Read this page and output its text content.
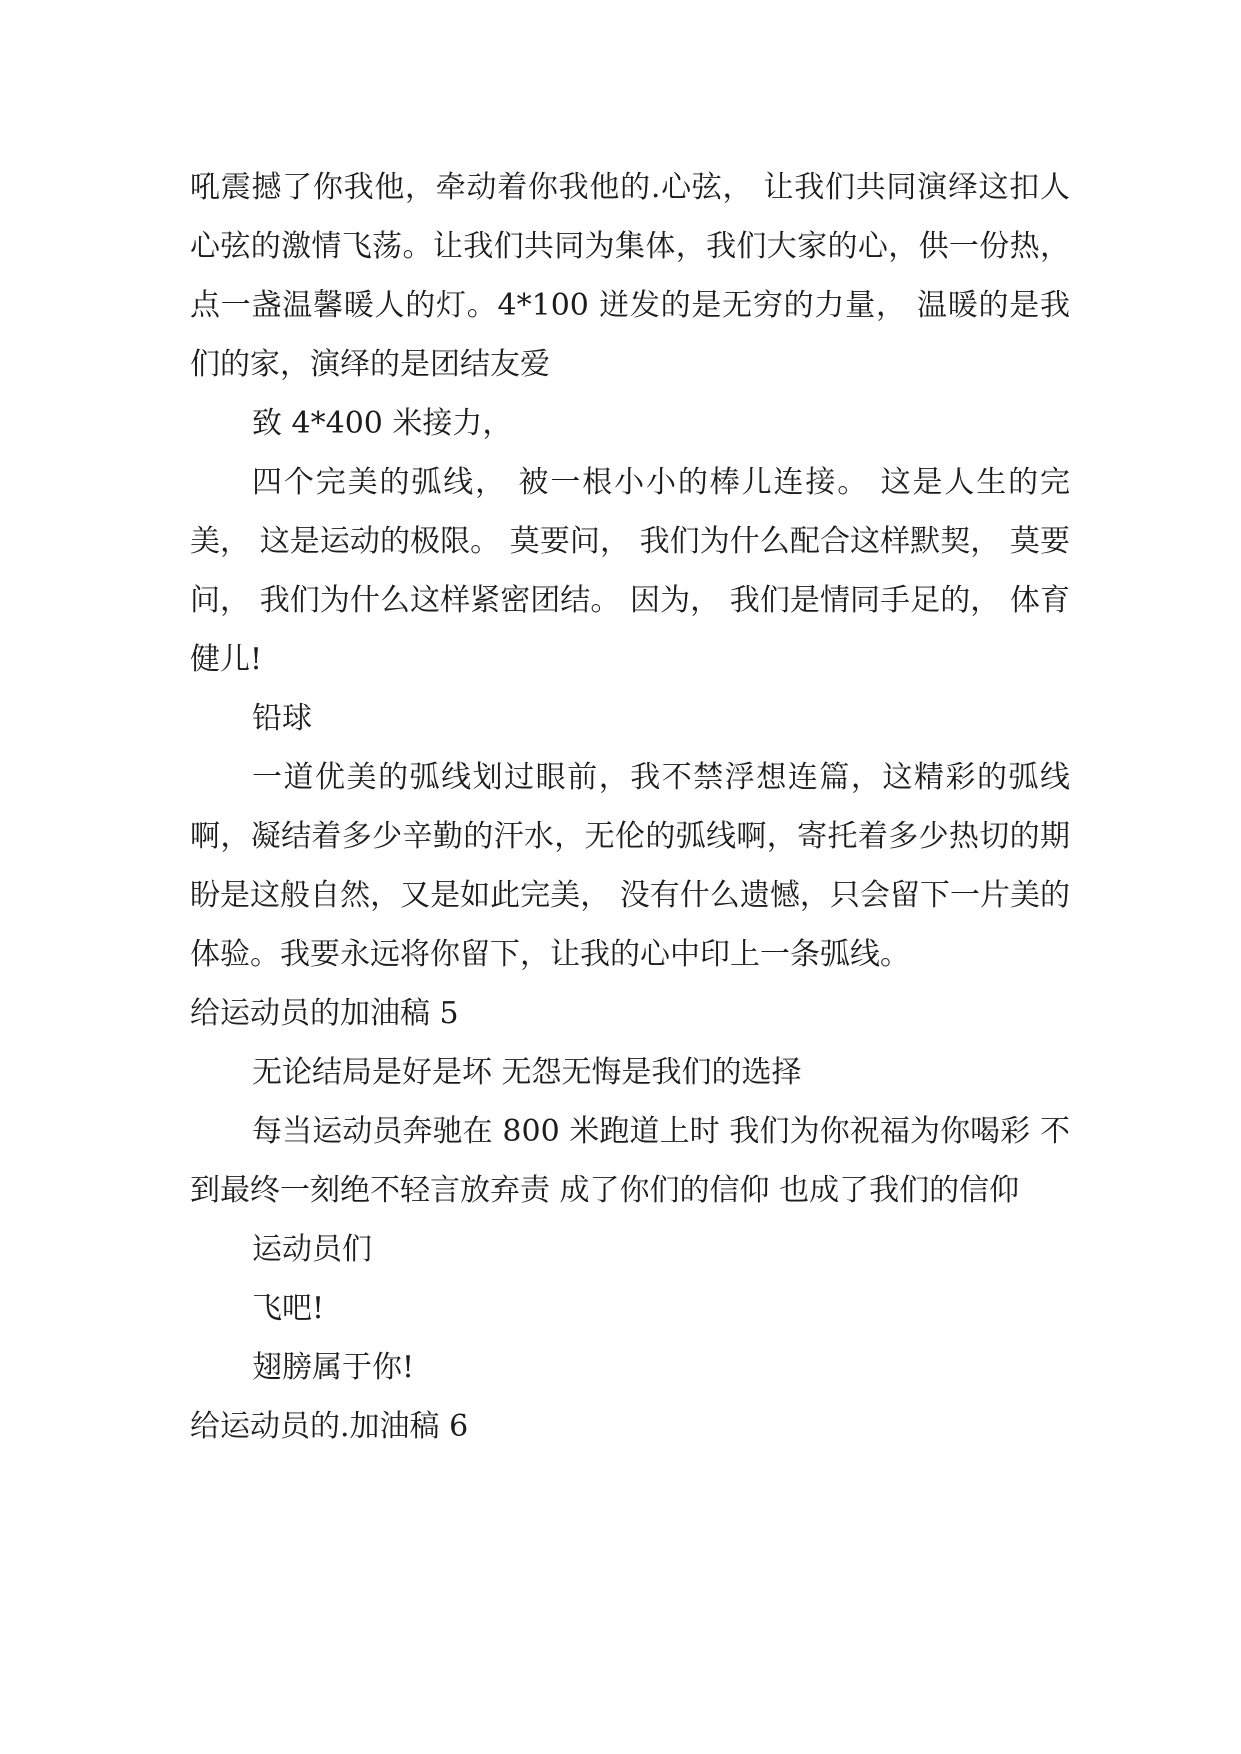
吼震撼了你我他，牵动着你我他的.心弦， 让我们共同演绎这扣人心弦的激情飞荡。让我们共同为集体，我们大家的心，供一份热，点一盏温馨暖人的灯。4*100 迸发的是无穷的力量， 温暖的是我们的家，演绎的是团结友爱

致 4*400 米接力，

四个完美的弧线， 被一根小小的棒儿连接。 这是人生的完美， 这是运动的极限。 莫要问， 我们为什么配合这样默契， 莫要问， 我们为什么这样紧密团结。 因为， 我们是情同手足的， 体育健儿!

铅球

一道优美的弧线划过眼前，我不禁浮想连篇，这精彩的弧线啊，凝结着多少辛勤的汗水，无伦的弧线啊，寄托着多少热切的期盼是这般自然，又是如此完美， 没有什么遗憾，只会留下一片美的体验。我要永远将你留下，让我的心中印上一条弧线。

给运动员的加油稿 5

无论结局是好是坏 无怨无悔是我们的选择

每当运动员奔驰在 800 米跑道上时 我们为你祝福为你喝彩 不到最终一刻绝不轻言放弃责 成了你们的信仰 也成了我们的信仰

运动员们

飞吧!

翅膀属于你!

给运动员的.加油稿 6
